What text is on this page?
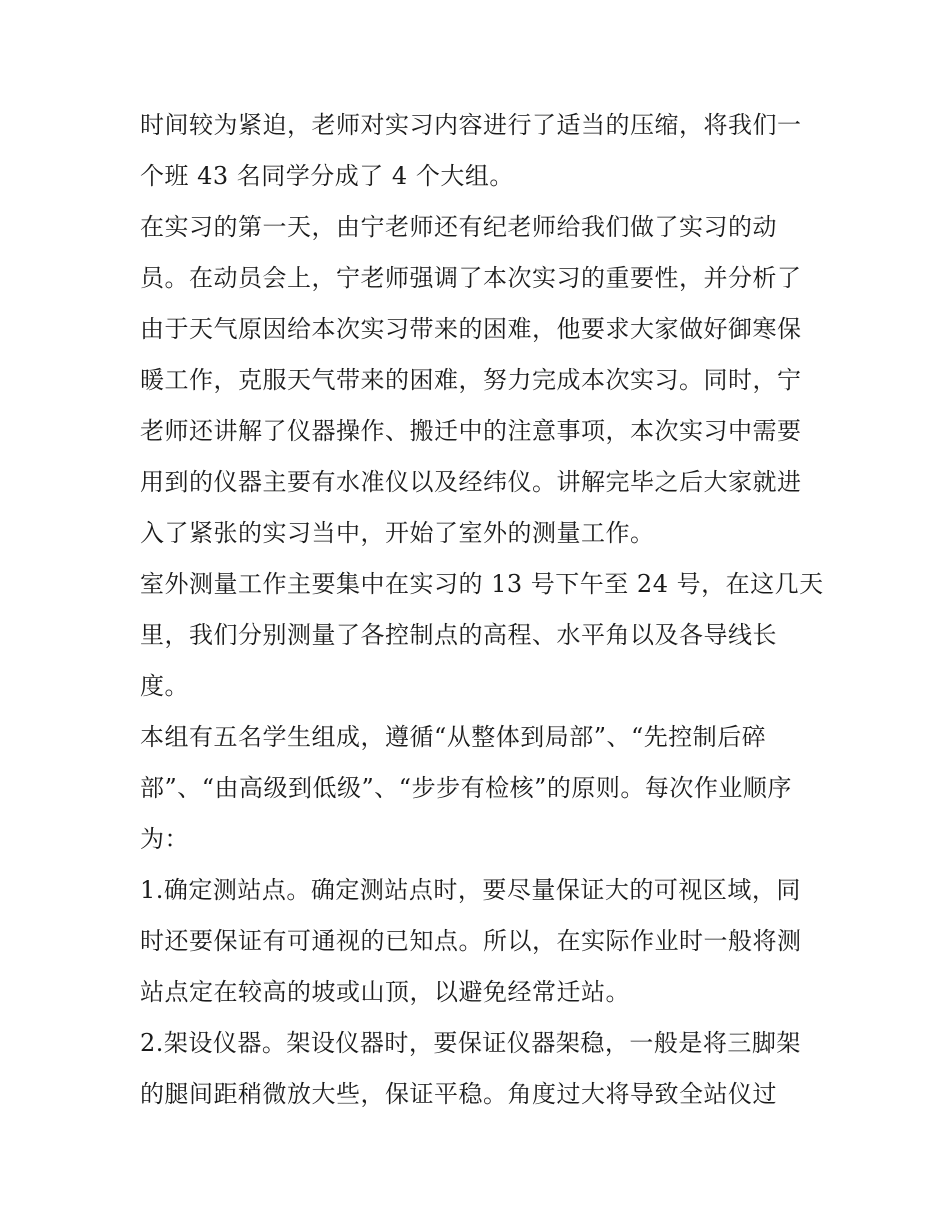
时间较为紧迫，老师对实习内容进行了适当的压缩，将我们一
个班 43 名同学分成了 4 个大组。
在实习的第一天，由宁老师还有纪老师给我们做了实习的动
员。在动员会上，宁老师强调了本次实习的重要性，并分析了
由于天气原因给本次实习带来的困难，他要求大家做好御寒保
暖工作，克服天气带来的困难，努力完成本次实习。同时，宁
老师还讲解了仪器操作、搬迁中的注意事项，本次实习中需要
用到的仪器主要有水准仪以及经纬仪。讲解完毕之后大家就进
入了紧张的实习当中，开始了室外的测量工作。
室外测量工作主要集中在实习的 13 号下午至 24 号，在这几天
里，我们分别测量了各控制点的高程、水平角以及各导线长
度。
本组有五名学生组成，遵循“从整体到局部”、“先控制后碎
部”、“由高级到低级”、“步步有检核”的原则。每次作业顺序
为：
1.确定测站点。确定测站点时，要尽量保证大的可视区域，同
时还要保证有可通视的已知点。所以，在实际作业时一般将测
站点定在较高的坡或山顶，以避免经常迁站。
2.架设仪器。架设仪器时，要保证仪器架稳，一般是将三脚架
的腿间距稍微放大些，保证平稳。角度过大将导致全站仪过
